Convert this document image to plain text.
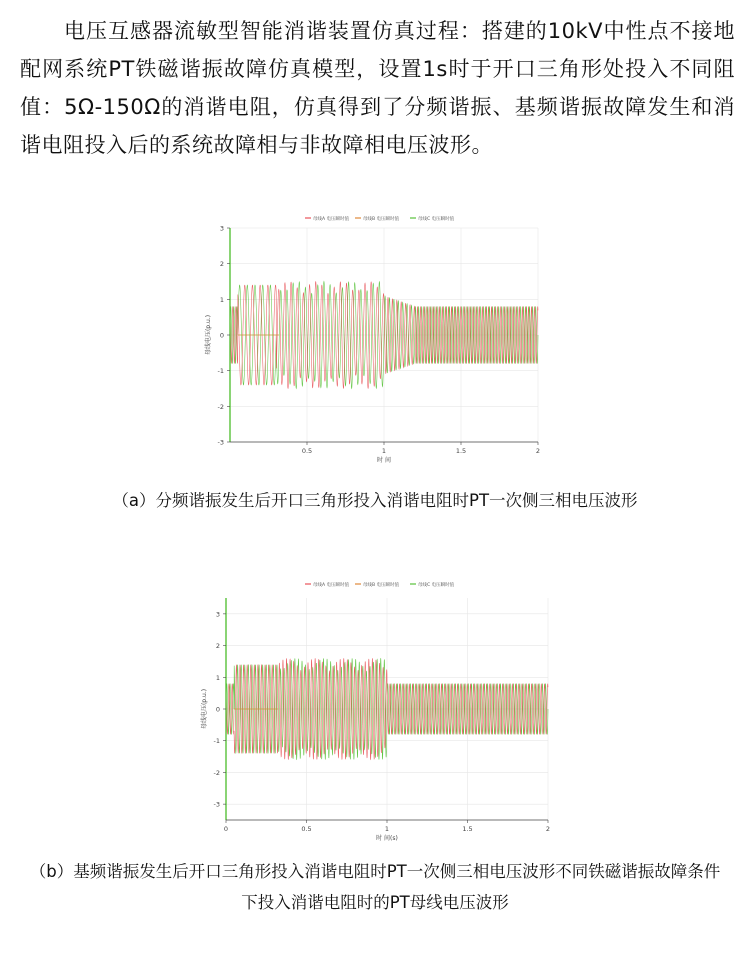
电压互感器流敏型智能消谐装置仿真过程：搭建的10kV中性点不接地配网系统PT铁磁谐振故障仿真模型，设置1s时于开口三角形处投入不同阻值：5Ω-150Ω的消谐电阻，仿真得到了分频谐振、基频谐振故障发生和消谐电阻投入后的系统故障相与非故障相电压波形。

母线A 电压瞬时值	母线B 电压瞬时值	母线C 电压瞬时值
3
2
1
0
-1
-2
-3
0.5	1	1.5	2
时 间
母线电压(p.u.)

（a）分频谐振发生后开口三角形投入消谐电阻时PT一次侧三相电压波形

母线A 电压瞬时值	母线B 电压瞬时值	母线C 电压瞬时值
3
2
1
0
-1
-2
-3
0	0.5	1	1.5	2
时 间(s)
母线电压(p.u.)

（b）基频谐振发生后开口三角形投入消谐电阻时PT一次侧三相电压波形不同铁磁谐振故障条件下投入消谐电阻时的PT母线电压波形
